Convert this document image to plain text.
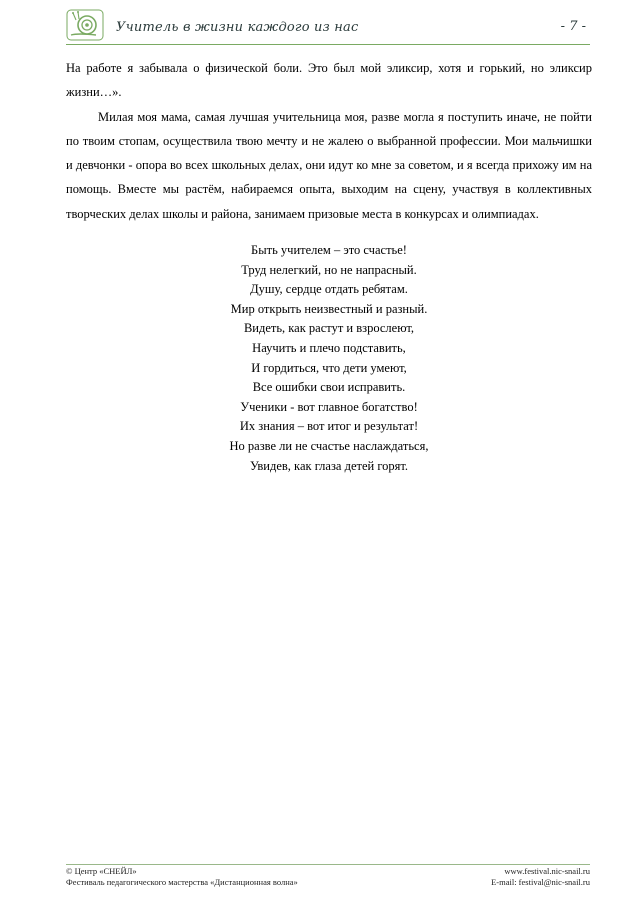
Учитель в жизни каждого из нас	- 7 -

На работе я забывала о физической боли. Это был мой эликсир, хотя и горький, но эликсир жизни…».

Милая моя мама, самая лучшая учительница моя, разве могла я поступить иначе, не пойти по твоим стопам, осуществила твою мечту и не жалею о выбранной профессии. Мои мальчишки и девчонки - опора во всех школьных делах, они идут ко мне за советом, и я всегда прихожу им на помощь. Вместе мы растём, набираемся опыта, выходим на сцену, участвуя в коллективных творческих делах школы и района, занимаем призовые места в конкурсах и олимпиадах.

Быть учителем – это счастье!
Труд нелегкий, но не напрасный.
Душу, сердце отдать ребятам.
Мир открыть неизвестный и разный.
Видеть, как растут и взрослеют,
Научить и плечо подставить,
И гордиться, что дети умеют,
Все ошибки свои исправить.
Ученики - вот главное богатство!
Их знания – вот итог и результат!
Но разве ли не счастье наслаждаться,
Увидев, как глаза детей горят.
© Центр «СНЕЙЛ»
Фестиваль педагогического мастерства «Дистанционная волна»
www.festival.nic-snail.ru
E-mail: festival@nic-snail.ru
